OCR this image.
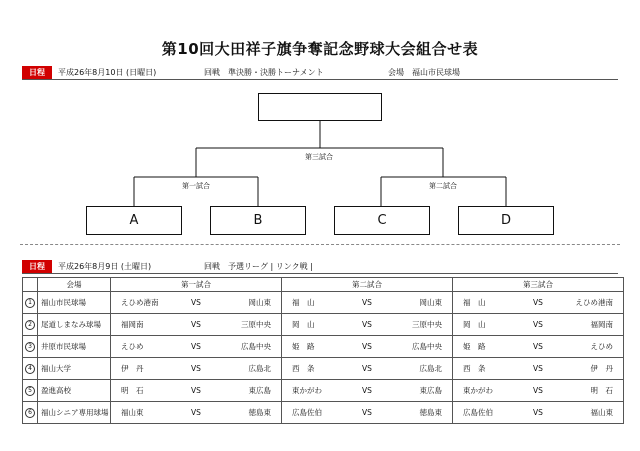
第10回大田祥子旗争奪記念野球大会組合せ表
日程	平成26年8月10日 (日曜日)	回戦　準決勝・決勝トーナメント	会場　福山市民球場
第三試合
第一試合	第二試合
A	B	C	D
日程	平成26年8月9日 (土曜日)	回戦　予選リーグ | リンク戦 |
	会場	第一試合	第二試合	第三試合
1	福山市民球場	えひめ港南 VS 岡山東	福　山 VS 岡山東	福　山 VS えひめ港南

2	尾道しまなみ球場	福岡南 VS 三原中央	岡　山 VS 三原中央	岡　山 VS 福岡南

3	井原市民球場	えひめ VS 広島中央	姫　路 VS 広島中央	姫　路 VS えひめ

4	福山大学	伊　丹 VS 広島北	西　条 VS 広島北	西　条 VS 伊　丹

5	盈進高校	明　石 VS 東広島	東かがわ VS 東広島	東かがわ VS 明　石

6	福山シニア専用球場	福山東 VS 徳島東	広島佐伯 VS 徳島東	広島佐伯 VS 福山東
